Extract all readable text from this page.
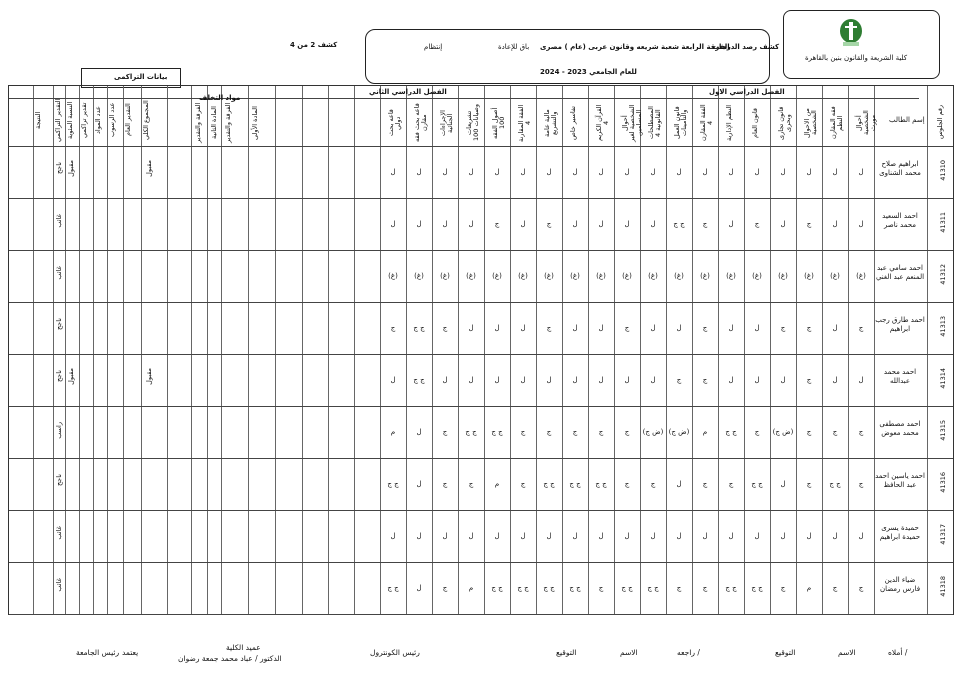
كلية الشريعة والقانون بنين بالقاهرة
كشف رصد الدرجات
الفرقة الرابعة شعبة شريعه وقانون عربى (عام ) مصرى
باق للإعادة
إنتظام
للعام الجامعي 2023 - 2024
كشف 2 من 4
بيانات التراكمى
الفصل الدراسي الاول
الفصل الدراسي الثاني
مواد التخلف
إسم الطالب رقم الجلوس
أحوال الشخصية مورث
فقه المقارن النظم
من الاحوال الشخصية
قانون تجارى وبحرى
قانون العام
النظم الإدارية
الفقة المقارن 4
قانون العمل والتأمينات
المصطلحات القانونية 4
أحوال الشخصية لغير المسلمين
القرآن الكريم 4
تفاسير خاص
مالية عامة والتشريع
الفقة المقارنة 4
أصول الفقه 100
تشريعات وصيانات 100
الإجراءات الجنائية
قاعه بحث فقه مقارن
قاعه بحث دولي
المادة الأولى
الفرقة والتقدير
المادة الثانية
الفرقة والتقدير
المجموع الكلي
التقدير العام
عدد الرسوب
عدد المواد
تقدير تراكمي
النسبة المئوية
التقدير التراكمي
النتيجة
41310
ابراهيم صلاح محمد الشناوى
ل
ل
ل
ل
ل
ل
ل
ل
ل
ل
ل
ل
ل
ل
ل
ل
ل
ل
ل
مقبول
مقبول
ناجح
41311
احمد السعيد محمد ناصر
ل
ل
ج
ل
ج
ل
ج
ج ج
ل
ل
ل
ل
ج
ل
ج
ل
ل
ل
ل
غائب
41312
احمد سامي عبد المنعم عبد الغني
(غ)
(غ)
(غ)
(غ)
(غ)
(غ)
(غ)
(غ)
(غ)
(غ)
(غ)
(غ)
(غ)
(غ)
(غ)
(غ)
(غ)
(غ)
(غ)
غائب
41313
احمد طارق رجب ابراهيم
ج
ل
ج
ج
ل
ل
ج
ل
ل
ج
ل
ل
ج
ل
ل
ل
ج
ج ج
ج
ناجح
41314
احمد محمد عبدالله
ل
ل
ج
ل
ل
ل
ج
ج
ل
ل
ل
ل
ل
ل
ل
ل
ل
ج ج
ل
مقبول
مقبول
ناجح
41315
احمد مصطفى محمد معوض
ج
ج
ج
(ض ج)
ج
ج ج
م
(ض ج)
(ض ج)
ج
ج
ج
ج
ج
ج ج
ج ج
ج
ل
م
راسب
41316
احمد ياسين احمد عبد الحافظ
ج
ج ج
ج
ل
ج ج
ج
ج
ل
ج
ج
ج ج
ج ج
ج ج
ج
م
ج
ج
ل
ج ج
ناجح
41317
حميدة يسرى حميدة ابراهيم
ل
ل
ل
ل
ل
ل
ل
ل
ل
ل
ل
ل
ل
ل
ل
ل
ل
ل
ل
غائب
41318
ضياء الدين فارس رمضان
ج
ج
م
ج
ج ج
ج ج
ج
ج
ج ج
ج ج
ج
ج ج
ج ج
ج ج
ج ج
م
ج
ل
ج ج
غائب
أملاه /
الاسم
التوقيع
راجعه /
الاسم
التوقيع
رئيس الكونترول
عميد الكلية
الدكتور / عباد محمد جمعة رضوان
يعتمد
رئيس الجامعة
